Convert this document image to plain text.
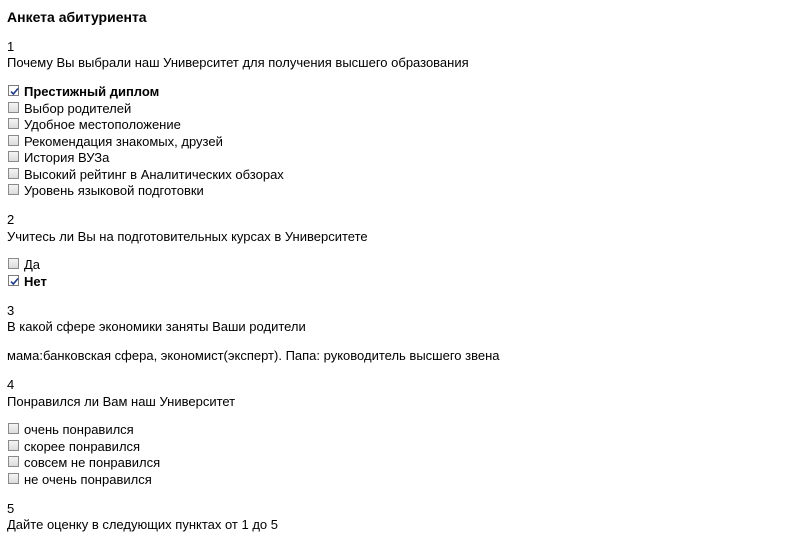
Анкета абитуриента
1
Почему Вы выбрали наш Университет для получения высшего образования
2
Учитесь ли Вы на подготовительных курсах в Университете
3
В какой сфере экономики заняты Ваши родители
мама:банковская сфера, экономист(эксперт). Папа: руководитель высшего звена
4
Понравился ли Вам наш Университет
5
Дайте оценку в следующих пунктах от 1 до 5
Престижный диплом
Выбор родителей
Удобное местоположение
Рекомендация знакомых, друзей
История ВУЗа
Высокий рейтинг в Аналитических обзорах
Уровень языковой подготовки
Да
Нет
очень понравился
скорее понравился
совсем не понравился
не очень понравился
